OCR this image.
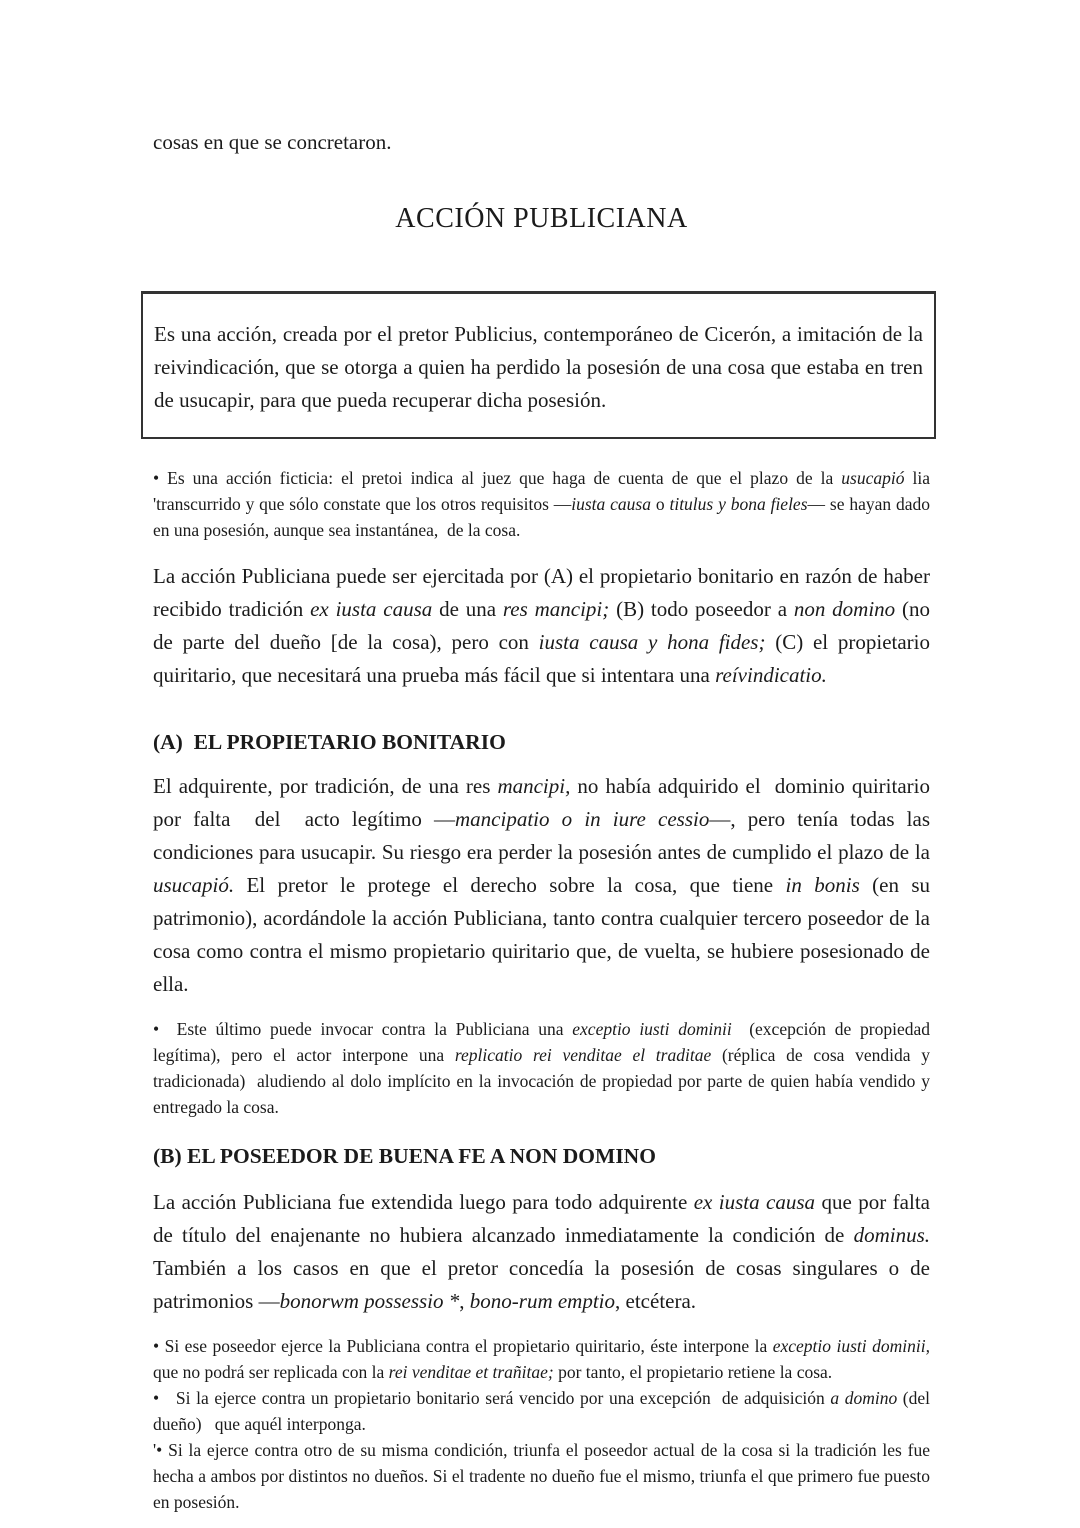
cosas en que se concretaron.

ACCIÓN PUBLICIANA

Es una acción, creada por el pretor Publicius, contemporáneo de Cicerón, a imitación de la reivindicación, que se otorga a quien ha perdido la posesión de una cosa que estaba en tren de usucapir, para que pueda recuperar dicha posesión.

• Es una acción ficticia: el pretoi indica al juez que haga de cuenta de que el plazo de la usucapió lia 'transcurrido y que sólo constate que los otros requisitos —iusta causa o titulus y bona fieles— se hayan dado en una posesión, aunque sea instantánea,  de la cosa.

La acción Publiciana puede ser ejercitada por (A) el propietario bonitario en razón de haber recibido tradición ex iusta causa de una res mancipi; (B) todo poseedor a non domino (no de parte del dueño [de la cosa), pero con iusta causa y hona fides; (C) el propietario quiritario, que necesitará una prueba más fácil que si intentara una reívindicatio.

(A)  EL PROPIETARIO BONITARIO

El adquirente, por tradición, de una res mancipi, no había adquirido el  dominio quiritario por falta  del  acto legítimo —mancipatio o in iure cessio—, pero tenía todas las condiciones para usucapir. Su riesgo era perder la posesión antes de cumplido el plazo de la usucapió. El pretor le protege el derecho sobre la cosa, que tiene in bonis (en su patrimonio), acordándole la acción Publiciana, tanto contra cualquier tercero poseedor de la cosa como contra el mismo propietario quiritario que, de vuelta, se hubiere posesionado de ella.

•  Este último puede invocar contra la Publiciana una exceptio iusti dominii  (excepción de propiedad legítima), pero el actor interpone una replicatio rei venditae el traditae (réplica de cosa vendida y tradicionada)  aludiendo al dolo implícito en la invocación de propiedad por parte de quien había vendido y entregado la cosa.

(B) EL POSEEDOR DE BUENA FE A NON DOMINO

La acción Publiciana fue extendida luego para todo adquirente ex iusta causa que por falta de título del enajenante no hubiera alcanzado inmediatamente la condición de dominus. También a los casos en que el pretor concedía la posesión de cosas singulares o de patrimonios —bonorwm possessio *, bono-rum emptio, etcétera.

• Si ese poseedor ejerce la Publiciana contra el propietario quiritario, éste interpone la exceptio iusti dominii, que no podrá ser replicada con la rei venditae et trañitae; por tanto, el propietario retiene la cosa.

•   Si la ejerce contra un propietario bonitario será vencido por una excepción  de adquisición a domino (del dueño)   que aquél interponga.

'• Si la ejerce contra otro de su misma condición, triunfa el poseedor actual de la cosa si la tradición les fue hecha a ambos por distintos no dueños. Si el tradente no dueño fue el mismo, triunfa el que primero fue puesto en posesión.
